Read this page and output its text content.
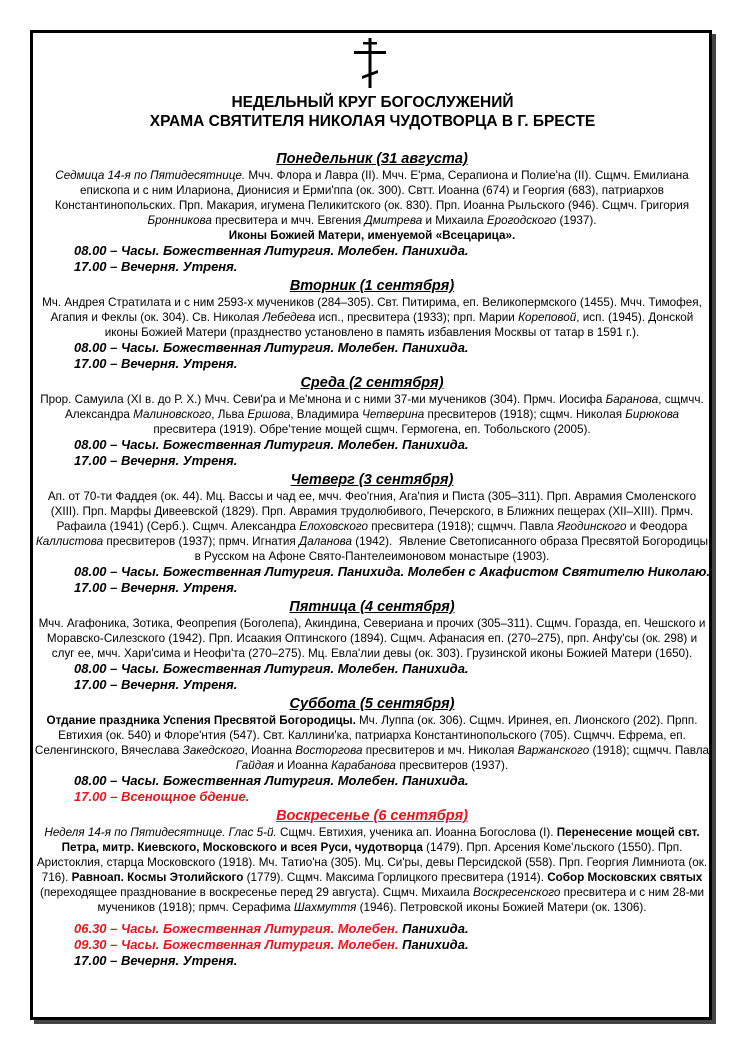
НЕДЕЛЬНЫЙ КРУГ БОГОСЛУЖЕНИЙ
ХРАМА СВЯТИТЕЛЯ НИКОЛАЯ ЧУДОТВОРЦА В Г. БРЕСТЕ

Понедельник (31 августа)

Седмица 14-я по Пятидесятнице. Мчч. Флора и Лавра (II). Мчч. Е'рма, Серапиона и Полие'на (II). Сщмч. Емилиана епископа и с ним Илариона, Дионисия и Ерми'ппа (ок. 300). Свтт. Иоанна (674) и Георгия (683), патриархов Константинопольских. Прп. Макария, игумена Пеликитского (ок. 830). Прп. Иоанна Рыльского (946). Сщмч. Григория Бронникова пресвитера и мчч. Евгения Дмитрева и Михаила Ерогодского (1937).
Иконы Божией Матери, именуемой «Всецарица».

08.00 – Часы. Божественная Литургия. Молебен. Панихида.

17.00 – Вечерня. Утреня.

Вторник (1 сентября)

Мч. Андрея Стратилата и с ним 2593-х мучеников (284–305). Свт. Питирима, еп. Великопермского (1455). Мчч. Тимофея, Агапия и Феклы (ок. 304). Св. Николая Лебедева исп., пресвитера (1933); прп. Марии Кореповой, исп. (1945). Донской иконы Божией Матери (празднество установлено в память избавления Москвы от татар в 1591 г.).

08.00 – Часы. Божественная Литургия. Молебен. Панихида.

17.00 – Вечерня. Утреня.

Среда (2 сентября)

Прор. Самуила (XI в. до Р. Х.) Мчч. Севи'ра и Ме'мнона и с ними 37-ми мучеников (304). Прмч. Иосифа Барановa, сщмчч. Александра Малиновского, Льва Ершова, Владимира Четверина пресвитеров (1918); сщмч. Николая Бирюкова пресвитера (1919). Обре'тение мощей сщмч. Гермогена, еп. Тобольского (2005).

08.00 – Часы. Божественная Литургия. Молебен. Панихида.

17.00 – Вечерня. Утреня.

Четверг (3 сентября)

Ап. от 70-ти Фаддея (ок. 44). Мц. Вассы и чад ее, мчч. Фео'гния, Ага'пия и Писта (305–311). Прп. Аврамия Смоленского (XIII). Прп. Марфы Дивеевской (1829). Прп. Аврамия трудолюбивого, Печерского, в Ближних пещерах (XII–XIII). Прмч. Рафаила (1941) (Серб.). Сщмч. Александра Елоховского пресвитера (1918); сщмчч. Павла Ягодинского и Феодора Каллистова пресвитеров (1937); прмч. Игнатия Даланова (1942).  Явление Светописанного образа Пресвятой Богородицы в Русском на Афоне Свято-Пантелеимоновом монастыре (1903).

08.00 – Часы. Божественная Литургия. Панихида. Молебен с Акафистом Святителю Николаю.

17.00 – Вечерня. Утреня.

Пятница (4 сентября)

Мчч. Агафоника, Зотика, Феопрепия (Боголепа), Акиндина, Севериана и прочих (305–311). Сщмч. Горазда, еп. Чешского и Моравско-Силезского (1942). Прп. Исаакия Оптинского (1894). Сщмч. Афанасия еп. (270–275), прп. Анфу'сы (ок. 298) и слуг ее, мчч. Хари'сима и Неофи'та (270–275). Мц. Евла'лии девы (ок. 303). Грузинской иконы Божией Матери (1650).

08.00 – Часы. Божественная Литургия. Молебен. Панихида.

17.00 – Вечерня. Утреня.

Суббота (5 сентября)

Отдание праздника Успения Пресвятой Богородицы. Мч. Луппа (ок. 306). Сщмч. Иринея, еп. Лионского (202). Прпп. Евтихия (ок. 540) и Флоре'нтия (547). Свт. Каллини'ка, патриарха Константинопольского (705). Сщмчч. Ефрема, еп. Селенгинского, Вячеслава Закедского, Иоанна Восторгова пресвитеров и мч. Николая Варжанского (1918); сщмчч. Павла Гайдая и Иоанна Карабанова пресвитеров (1937).

08.00 – Часы. Божественная Литургия. Молебен. Панихида.

17.00 – Всенощное бдение.

Воскресенье (6 сентября)

Неделя 14-я по Пятидесятнице. Глас 5-й. Сщмч. Евтихия, ученика ап. Иоанна Богослова (I). Перенесение мощей свт. Петра, митр. Киевского, Московского и всея Руси, чудотворца (1479). Прп. Арсения Коме'льского (1550). Прп. Аристоклия, старца Московского (1918). Мч. Татио'на (305). Мц. Си'ры, девы Персидской (558). Прп. Георгия Лимниота (ок. 716). Равноап. Космы Этолийского (1779). Сщмч. Максима Горлицкого пресвитера (1914). Собор Московских святых (переходящее празднование в воскресенье перед 29 августа). Сщмч. Михаила Воскресенского пресвитера и с ним 28-ми мучеников (1918); прмч. Серафима Шахмуття (1946). Петровской иконы Божией Матери (ок. 1306).

06.30 – Часы. Божественная Литургия. Молебен. Панихида.

09.30 – Часы. Божественная Литургия. Молебен. Панихида.

17.00 – Вечерня. Утреня.
